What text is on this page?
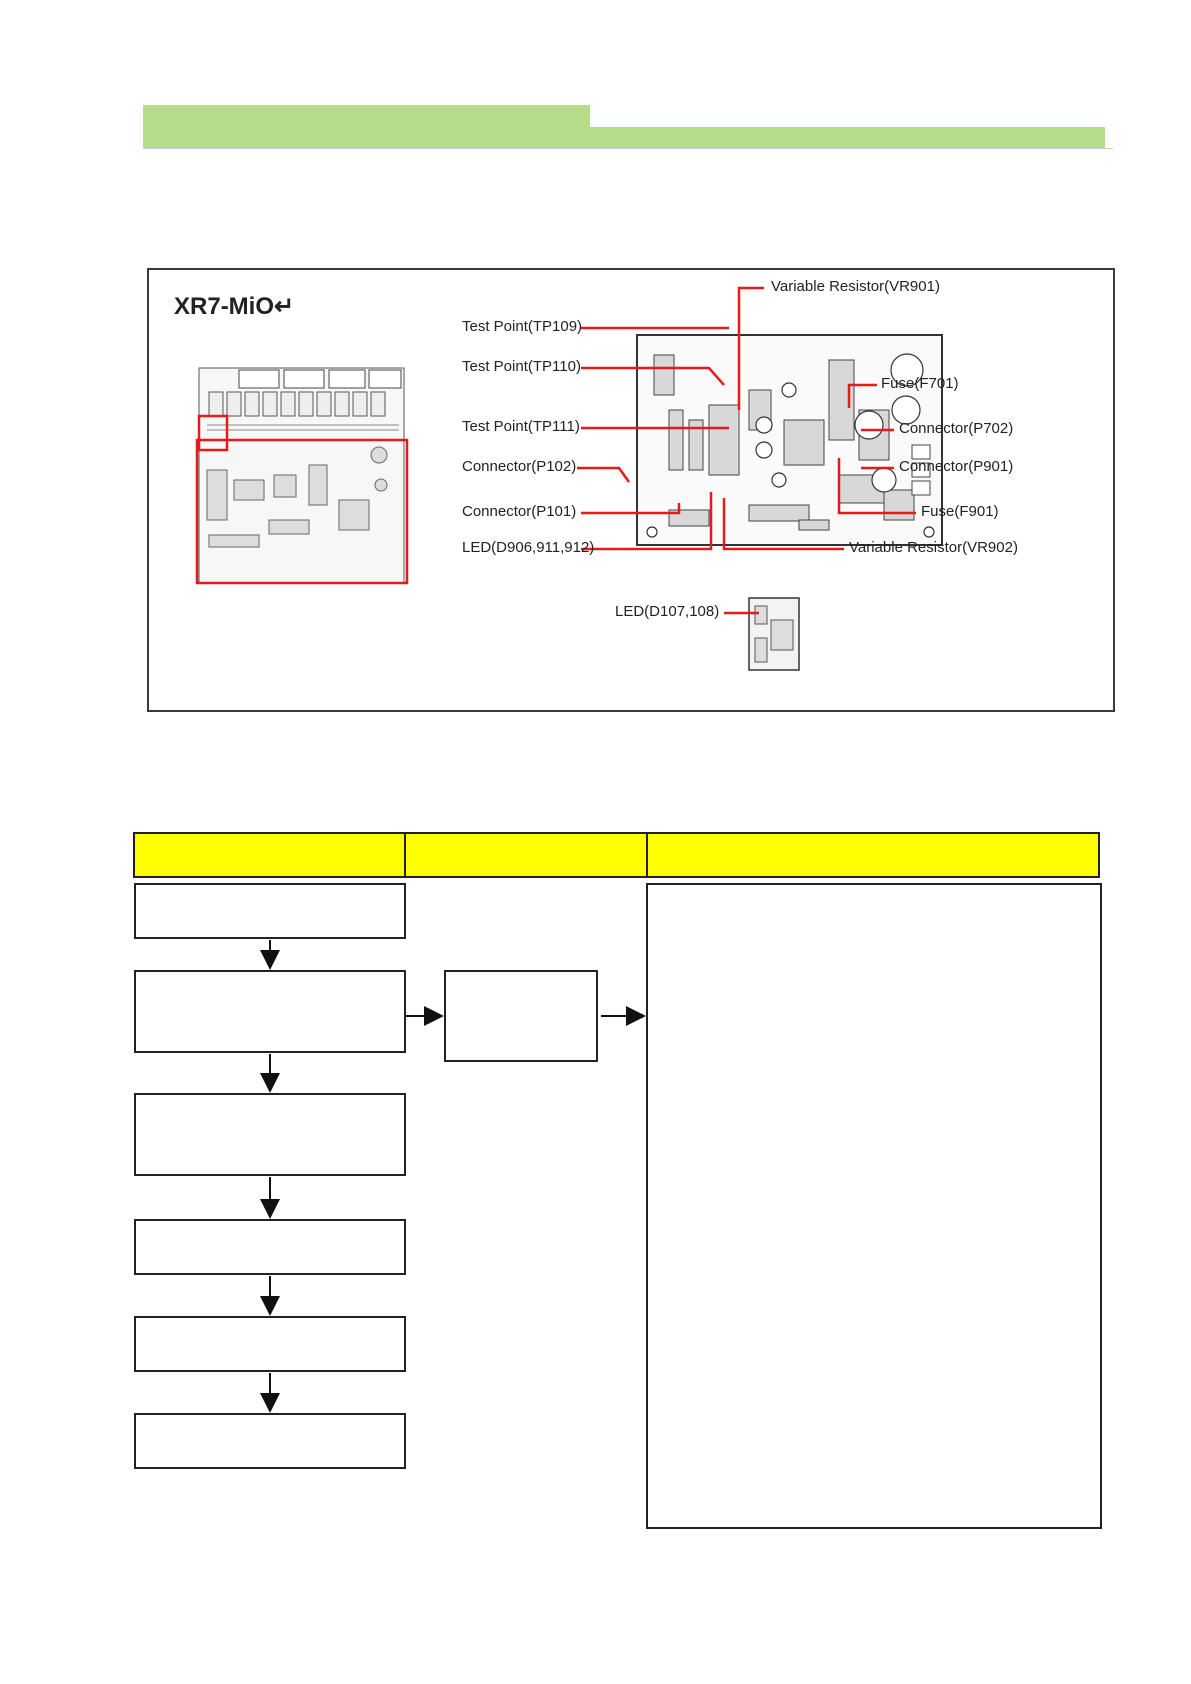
XR7-MiO↵
Test Point(TP109)
Test Point(TP110)
Test Point(TP111)
Connector(P102)
Connector(P101)
LED(D906,911,912)
Variable Resistor(VR901)
Fuse(F701)
Connector(P702)
Connector(P901)
Fuse(F901)
Variable Resistor(VR902)
LED(D107,108)
